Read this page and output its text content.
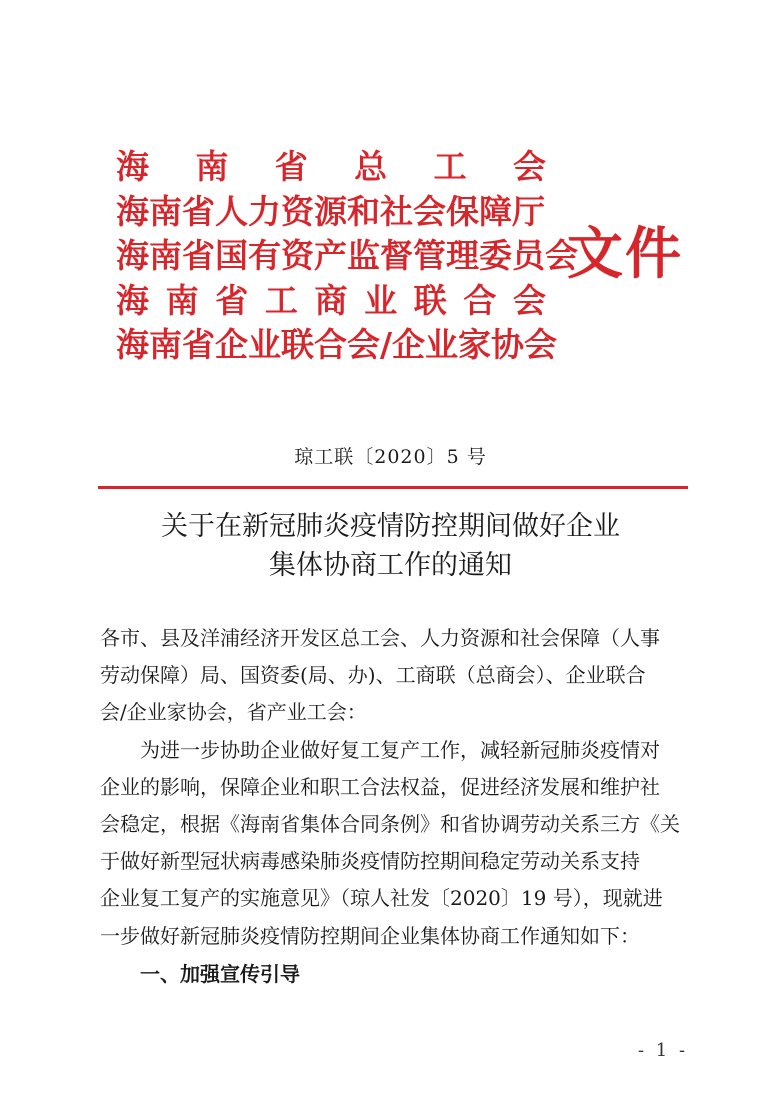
海 南 省 总 工 会
海南省人力资源和社会保障厅
海南省国有资产监督管理委员会
海 南 省 工 商 业 联 合 会
海南省企业联合会/企业家协会
文件
琼工联〔2020〕5 号
关于在新冠肺炎疫情防控期间做好企业
集体协商工作的通知
各市、县及洋浦经济开发区总工会、人力资源和社会保障（人事
劳动保障）局、国资委(局、办)、工商联（总商会）、企业联合
会/企业家协会，省产业工会：
为进一步协助企业做好复工复产工作，减轻新冠肺炎疫情对
企业的影响，保障企业和职工合法权益，促进经济发展和维护社
会稳定，根据《海南省集体合同条例》和省协调劳动关系三方《关
于做好新型冠状病毒感染肺炎疫情防控期间稳定劳动关系支持
企业复工复产的实施意见》（琼人社发〔2020〕19 号），现就进
一步做好新冠肺炎疫情防控期间企业集体协商工作通知如下：
一、加强宣传引导
- 1 -
